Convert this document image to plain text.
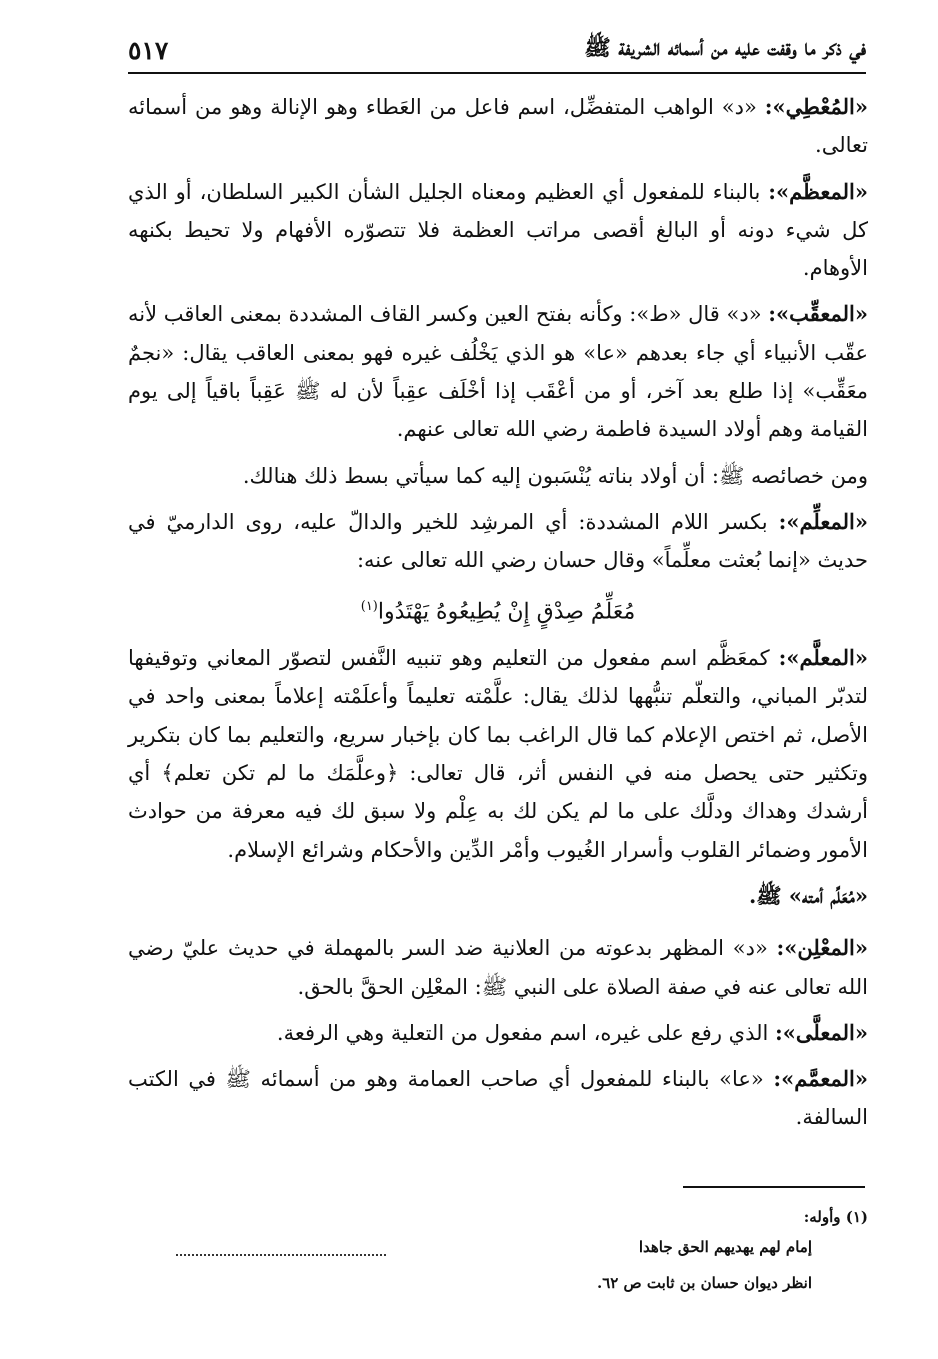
٥١٧	في ذكر ما وقفت عليه من أسمائه الشريفة ﷺ

«المُعْطِي»: «د» الواهب المتفضِّل، اسم فاعل من العَطاء وهو الإنالة وهو من أسمائه تعالى.

«المعظَّم»: بالبناء للمفعول أي العظيم ومعناه الجليل الشأن الكبير السلطان، أو الذي كل شيء دونه أو البالغ أقصى مراتب العظمة فلا تتصوّره الأفهام ولا تحيط بكنهه الأوهام.

«المعقِّب»: «د» قال «ط»: وكأنه بفتح العين وكسر القاف المشددة بمعنى العاقب لأنه عقّب الأنبياء أي جاء بعدهم «عا» هو الذي يَخْلُف غيره فهو بمعنى العاقب يقال: «نجمٌ معَقِّب» إذا طلع بعد آخر، أو من أعْقَب إذا أخْلَف عقِباً لأن له ﷺ عَقِباً باقياً إلى يوم القيامة وهم أولاد السيدة فاطمة رضي الله تعالى عنهم.

ومن خصائصه ﷺ: أن أولاد بناته يُنْسَبون إليه كما سيأتي بسط ذلك هنالك.

«المعلِّم»: بكسر اللام المشددة: أي المرشِد للخير والدالّ عليه، روى الدارميّ في حديث «إنما بُعثت معلِّماً» وقال حسان رضي الله تعالى عنه:

مُعَلِّمُ صِدْقٍ إِنْ يُطِيعُوهُ يَهْتَدُوا$^{(١)}$

«المعلَّم»: كمعَظَّم اسم مفعول من التعليم وهو تنبيه النَّفس لتصوّر المعاني وتوقيفها لتدبّر المباني، والتعلّم تنبُّهها لذلك يقال: علَّمْته تعليماً وأعلَمْته إعلاماً بمعنى واحد في الأصل، ثم اختص الإعلام كما قال الراغب بما كان بإخبار سريع، والتعليم بما كان بتكرير وتكثير حتى يحصل منه في النفس أثر، قال تعالى: ﴿وعلَّمَك ما لم تكن تعلم﴾ أي أرشدك وهداك ودلَّك على ما لم يكن لك به عِلْم ولا سبق لك فيه معرفة من حوادث الأمور وضمائر القلوب وأسرار الغُيوب وأمْر الدِّين والأحكام وشرائع الإسلام.

«مُعَلِّم أمته» ﷺ.

«المعْلِن»: «د» المظهر بدعوته من العلانية ضد السر بالمهملة في حديث عليّ رضي الله تعالى عنه في صفة الصلاة على النبي ﷺ: المعْلِن الحقَّ بالحق.

«المعلَّى»: الذي رفع على غيره، اسم مفعول من التعلية وهي الرفعة.

«المعمَّم»: «عا» بالبناء للمفعول أي صاحب العمامة وهو من أسمائه ﷺ في الكتب السالفة.

(١) وأوله:
إمام لهم يهديهم الحق جاهدا
انظر ديوان حسان بن ثابت ص ٦٢.
